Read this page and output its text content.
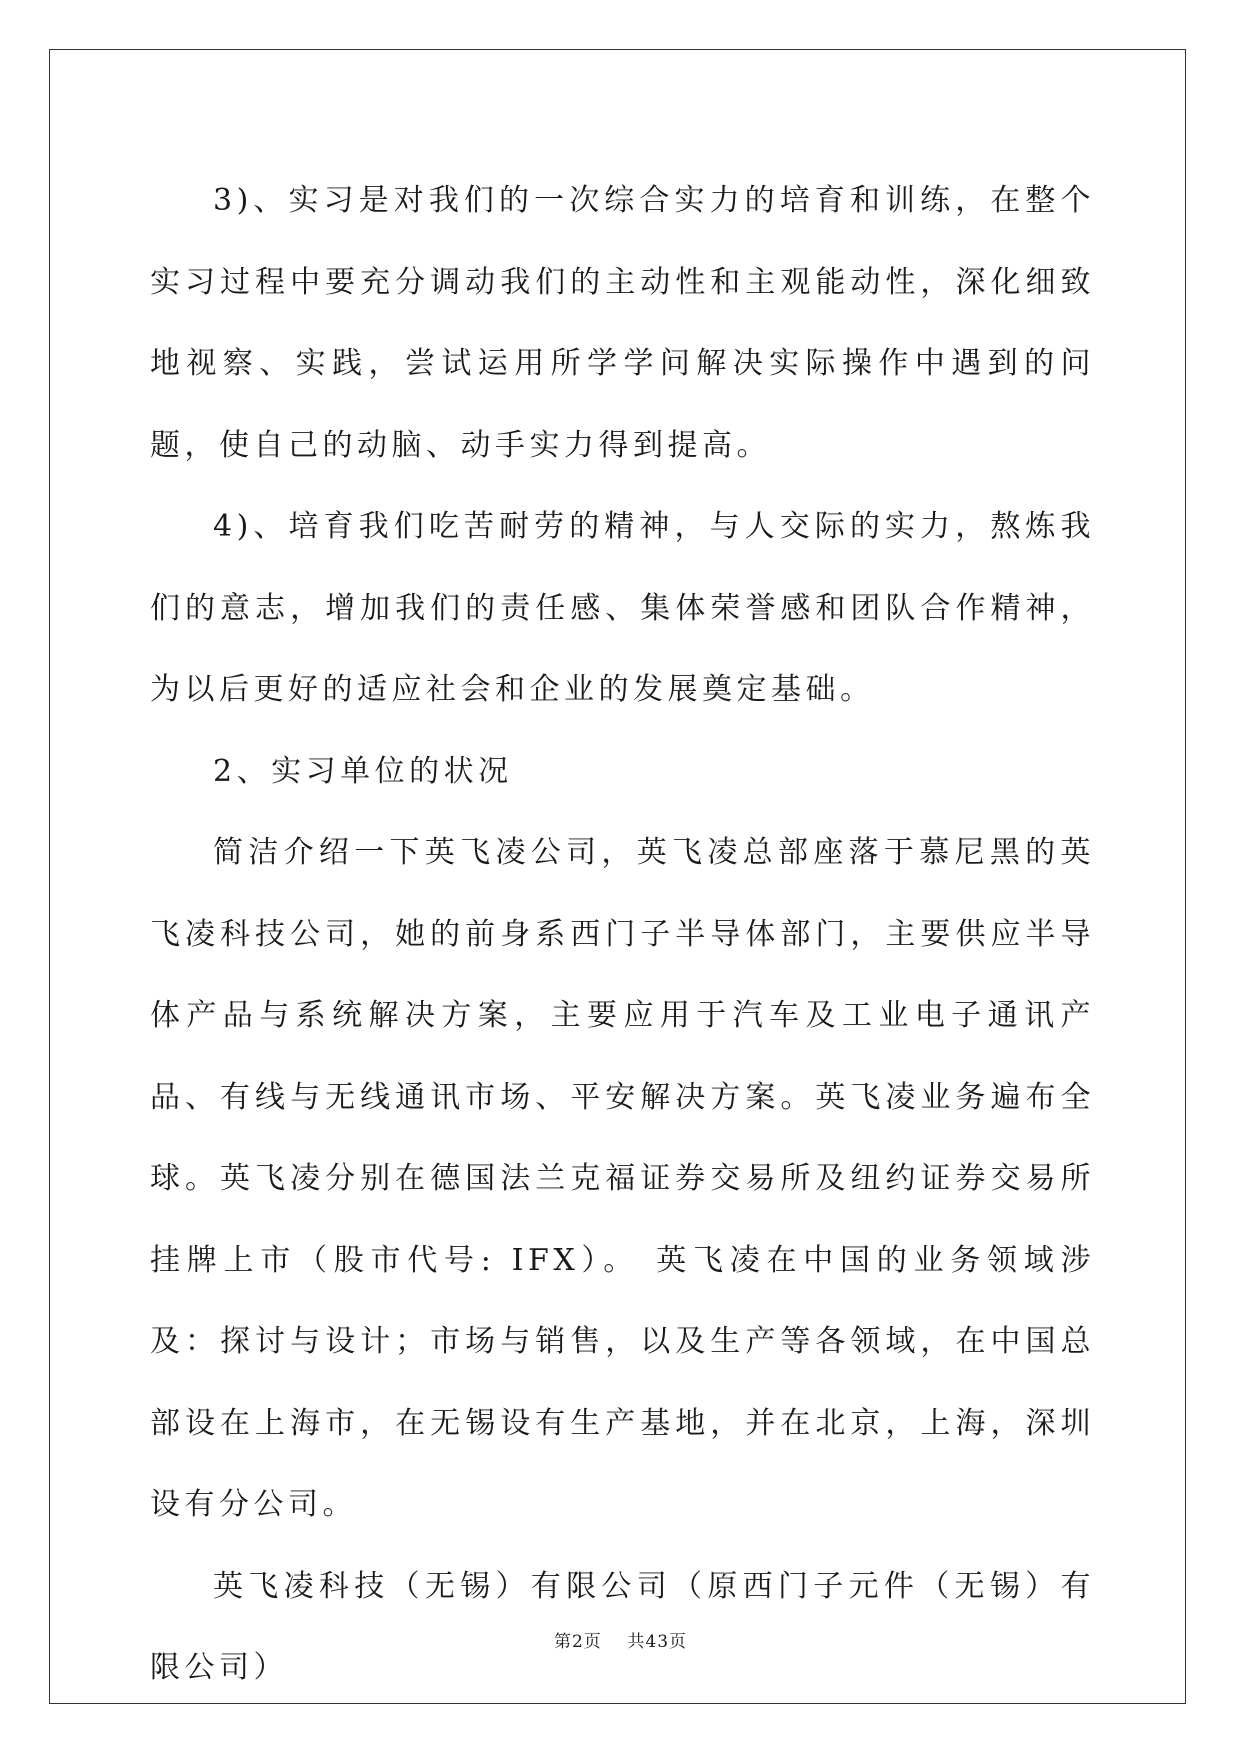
3)、实习是对我们的一次综合实力的培育和训练，在整个实习过程中要充分调动我们的主动性和主观能动性，深化细致地视察、实践，尝试运用所学学问解决实际操作中遇到的问题，使自己的动脑、动手实力得到提高。

4)、培育我们吃苦耐劳的精神，与人交际的实力，熬炼我们的意志，增加我们的责任感、集体荣誉感和团队合作精神，为以后更好的适应社会和企业的发展奠定基础。

2、实习单位的状况

简洁介绍一下英飞凌公司，英飞凌总部座落于慕尼黑的英飞凌科技公司，她的前身系西门子半导体部门，主要供应半导体产品与系统解决方案，主要应用于汽车及工业电子通讯产品、有线与无线通讯市场、平安解决方案。英飞凌业务遍布全球。英飞凌分别在德国法兰克福证券交易所及纽约证券交易所挂牌上市（股市代号: IFX）。 英飞凌在中国的业务领域涉及：探讨与设计；市场与销售，以及生产等各领域，在中国总部设在上海市，在无锡设有生产基地，并在北京，上海，深圳设有分公司。

英飞凌科技（无锡）有限公司（原西门子元件（无锡）有限公司）

第2页 共43页
